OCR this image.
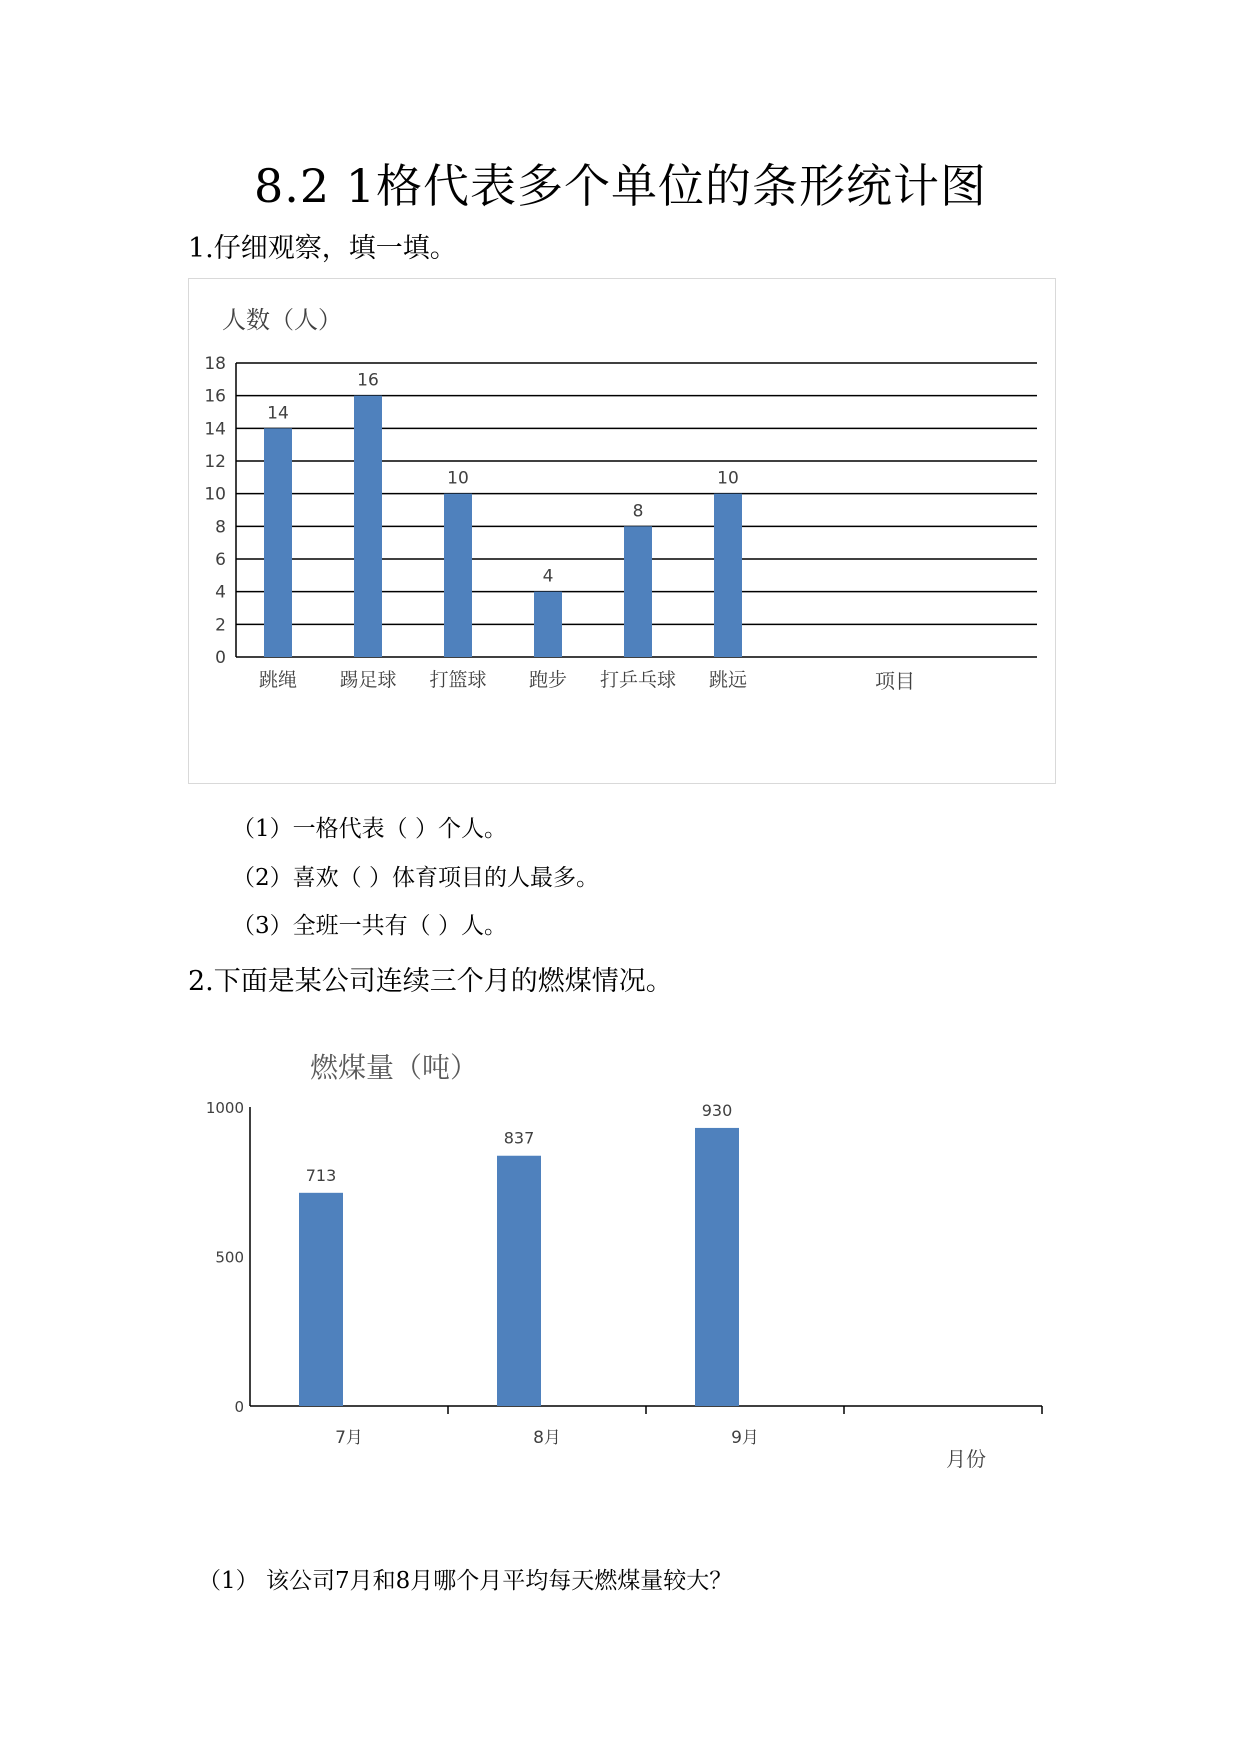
8.2 1格代表多个单位的条形统计图
1.仔细观察，填一填。
0
2
4
6
8
10
12
14
16
18
14
跳绳
16
踢足球
10
打篮球
4
跑步
8
打乒乓球
10
跳远
人数（人）
项目
0
500
1000
713
7月
837
8月
930
9月
燃煤量（吨）
月份
（1）一格代表（ ）个人。
（2）喜欢（ ）体育项目的人最多。
（3）全班一共有（ ）人。
2.下面是某公司连续三个月的燃煤情况。
（1） 该公司7月和8月哪个月平均每天燃煤量较大？
